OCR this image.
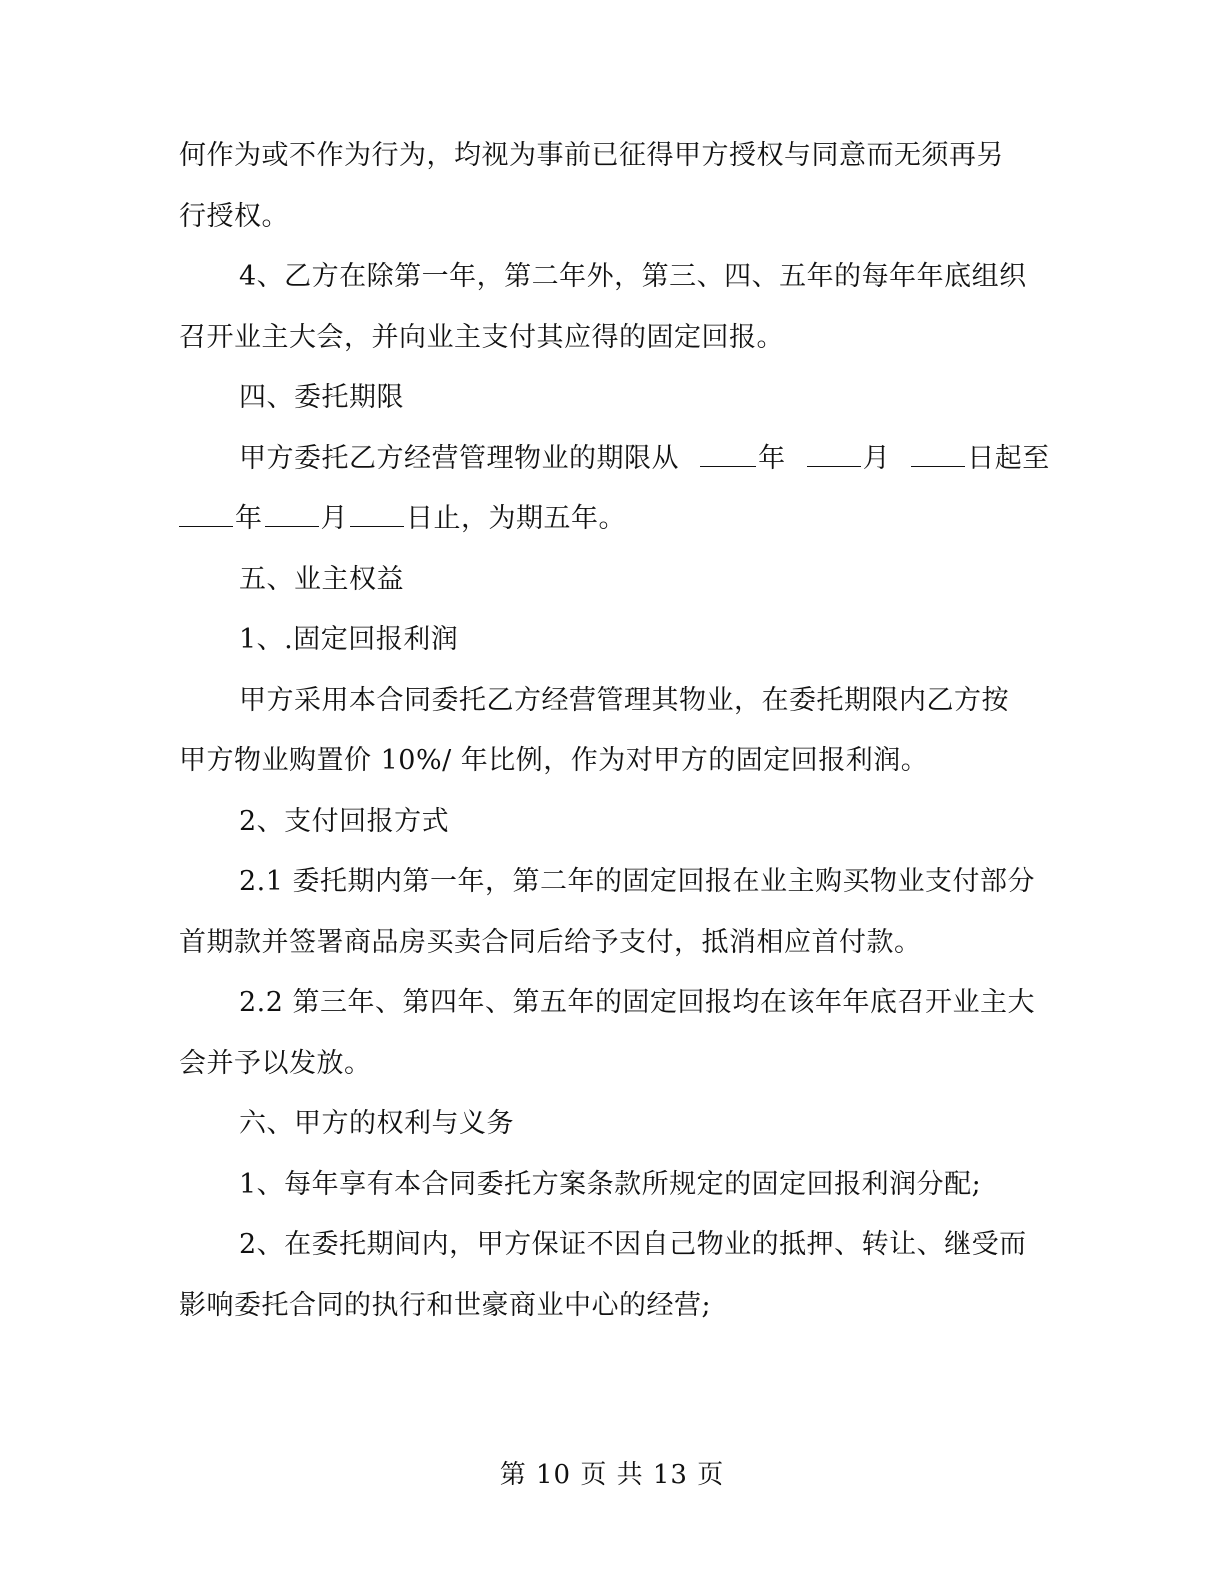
何作为或不作为行为，均视为事前已征得甲方授权与同意而无须再另
行授权。
4、乙方在除第一年，第二年外，第三、四、五年的每年年底组织
召开业主大会，并向业主支付其应得的固定回报。
四、委托期限
甲方委托乙方经营管理物业的期限从	年	月	日起至
年 月 日止，为期五年。
五、业主权益
1、.固定回报利润
甲方采用本合同委托乙方经营管理其物业，在委托期限内乙方按
甲方物业购置价 10%/ 年比例，作为对甲方的固定回报利润。
2、支付回报方式
2.1 委托期内第一年，第二年的固定回报在业主购买物业支付部分
首期款并签署商品房买卖合同后给予支付，抵消相应首付款。
2.2 第三年、第四年、第五年的固定回报均在该年年底召开业主大
会并予以发放。
六、甲方的权利与义务
1、每年享有本合同委托方案条款所规定的固定回报利润分配;
2、在委托期间内，甲方保证不因自己物业的抵押、转让、继受而
影响委托合同的执行和世豪商业中心的经营;
第 10 页 共 13 页
